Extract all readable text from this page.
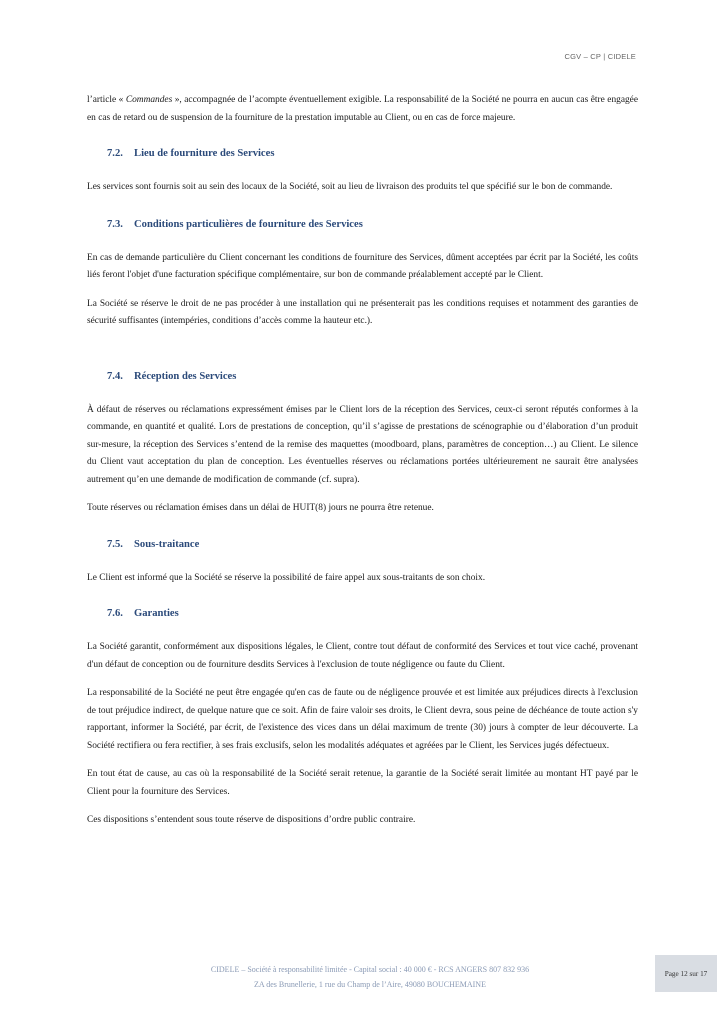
CGV – CP | CIDELE

l’article « Commandes », accompagnée de l’acompte éventuellement exigible. La responsabilité de la Société ne pourra en aucun cas être engagée en cas de retard ou de suspension de la fourniture de la prestation imputable au Client, ou en cas de force majeure.

7.2. Lieu de fourniture des Services

Les services sont fournis soit au sein des locaux de la Société, soit au lieu de livraison des produits tel que spécifié sur le bon de commande.

7.3. Conditions particulières de fourniture des Services

En cas de demande particulière du Client concernant les conditions de fourniture des Services, dûment acceptées par écrit par la Société, les coûts liés feront l'objet d'une facturation spécifique complémentaire, sur bon de commande préalablement accepté par le Client.

La Société se réserve le droit de ne pas procéder à une installation qui ne présenterait pas les conditions requises et notamment des garanties de sécurité suffisantes (intempéries, conditions d’accès comme la hauteur etc.).

7.4. Réception des Services

À défaut de réserves ou réclamations expressément émises par le Client lors de la réception des Services, ceux-ci seront réputés conformes à la commande, en quantité et qualité. Lors de prestations de conception, qu’il s’agisse de prestations de scénographie ou d’élaboration d’un produit sur-mesure, la réception des Services s’entend de la remise des maquettes (moodboard, plans, paramètres de conception…) au Client. Le silence du Client vaut acceptation du plan de conception. Les éventuelles réserves ou réclamations portées ultérieurement ne saurait être analysées autrement qu’en une demande de modification de commande (cf. supra).

Toute réserves ou réclamation émises dans un délai de HUIT(8) jours ne pourra être retenue.

7.5. Sous-traitance

Le Client est informé que la Société se réserve la possibilité de faire appel aux sous-traitants de son choix.

7.6. Garanties

La Société garantit, conformément aux dispositions légales, le Client, contre tout défaut de conformité des Services et tout vice caché, provenant d'un défaut de conception ou de fourniture desdits Services à l'exclusion de toute négligence ou faute du Client.

La responsabilité de la Société ne peut être engagée qu'en cas de faute ou de négligence prouvée et est limitée aux préjudices directs à l'exclusion de tout préjudice indirect, de quelque nature que ce soit. Afin de faire valoir ses droits, le Client devra, sous peine de déchéance de toute action s'y rapportant, informer la Société, par écrit, de l'existence des vices dans un délai maximum de trente (30) jours à compter de leur découverte. La Société rectifiera ou fera rectifier, à ses frais exclusifs, selon les modalités adéquates et agréées par le Client, les Services jugés défectueux.

En tout état de cause, au cas où la responsabilité de la Société serait retenue, la garantie de la Société serait limitée au montant HT payé par le Client pour la fourniture des Services.

Ces dispositions s’entendent sous toute réserve de dispositions d’ordre public contraire.

CIDELE – Société à responsabilité limitée - Capital social : 40 000 € - RCS ANGERS 807 832 936
ZA des Brunellerie, 1 rue du Champ de l’Aire, 49080 BOUCHEMAINE
Page 12 sur 17
